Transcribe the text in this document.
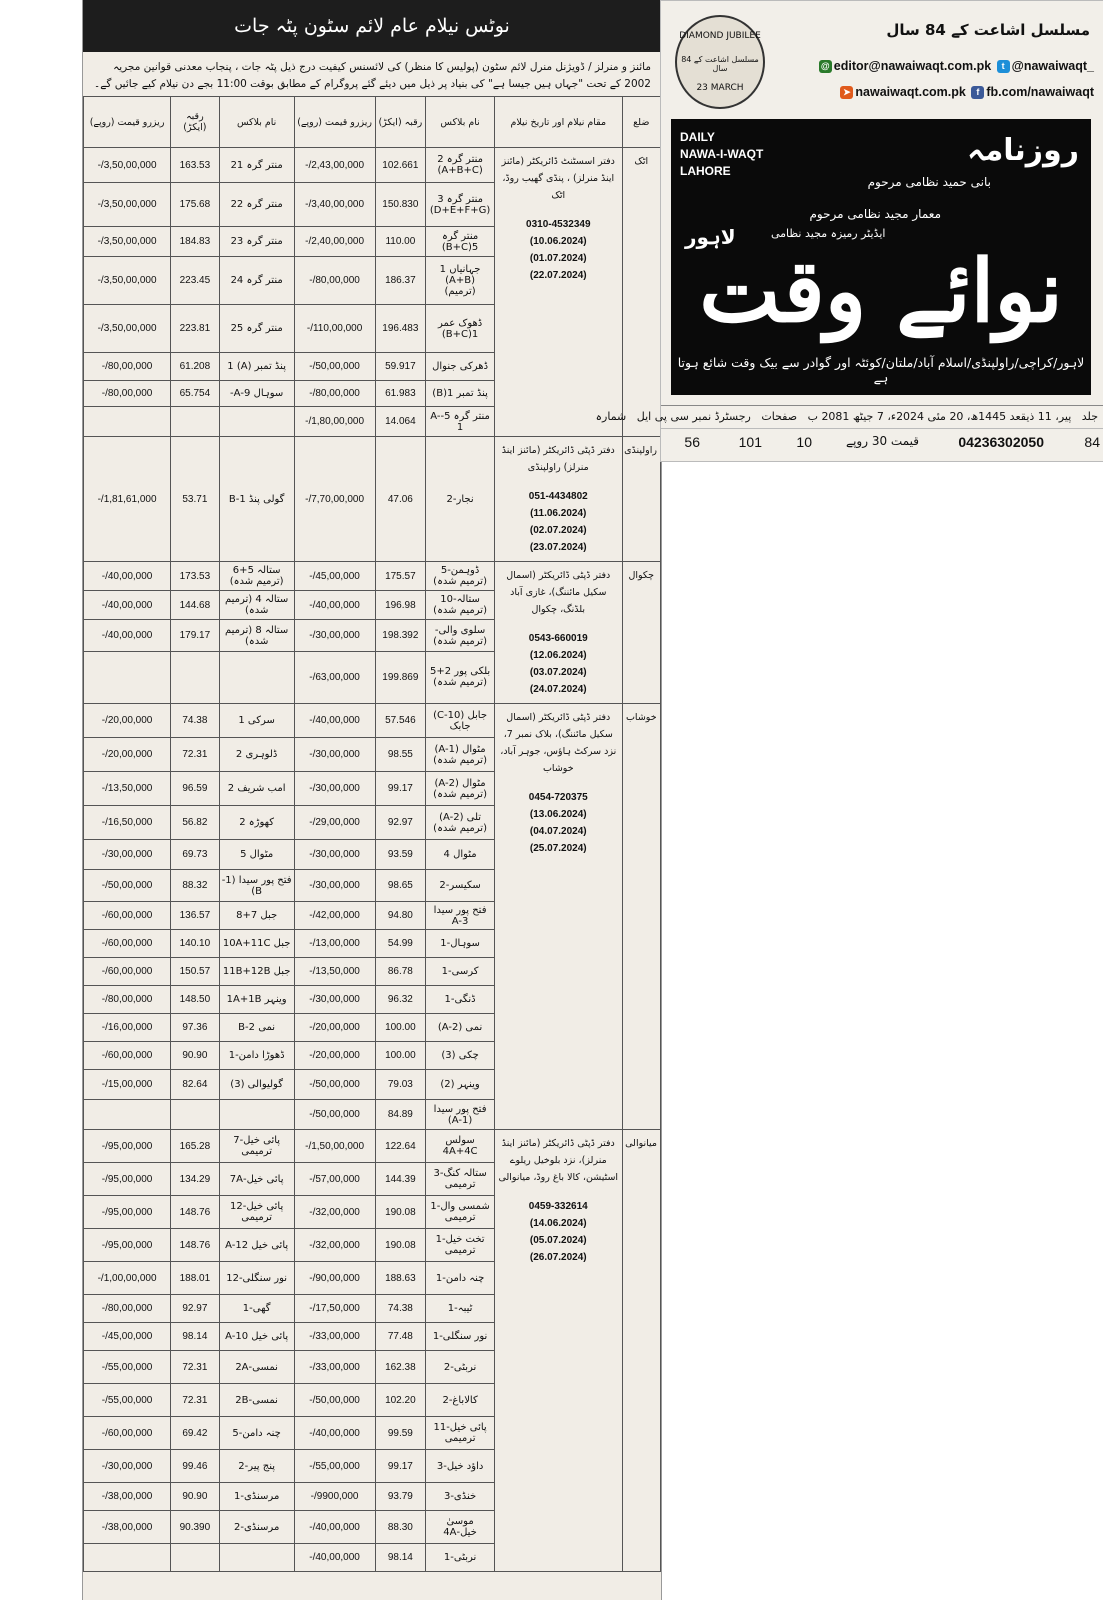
نوٹس نیلام عام لائم سٹون پٹہ جات
مائنز و منرلز / ڈویژنل منرل لائم سٹون (پولیس کا منظر) کی لائسنس کیفیت درج ذیل پٹہ جات ، پنجاب معدنی قوانین مجریہ 2002 کے تحت "جہاں ہیں جیسا ہے" کی بنیاد پر ذیل میں دیئے گئے پروگرام کے مطابق بوقت 11:00 بجے دن نیلام کیے جائیں گے۔
ضلع	مقام نیلام اور تاریخ نیلام	نام بلاکس	رقبہ (ایکڑ)	ریزرو قیمت (روپے)	نام بلاکس	رقبہ (ایکڑ)	ریزرو قیمت (روپے)
اٹک	دفتر اسسٹنٹ ڈائریکٹر (مائنز اینڈ منرلز) ، پنڈی گھیب روڈ، اٹک
0310-4532349
(10.06.2024)
(01.07.2024)
(22.07.2024)	منتر گرہ 2 (A+B+C)	102.661	2,43,00,000/-	منتر گرہ 21	163.53	3,50,00,000/-
		منتر گرہ 3 (D+E+F+G)	150.830	3,40,00,000/-	منتر گرہ 22	175.68	3,50,00,000/-
		منتر گرہ 5(B+C)	110.00	2,40,00,000/-	منتر گرہ 23	184.83	3,50,00,000/-
		جہانیاں 1 (A+B) (ترمیم)	186.37	80,00,000/-	منتر گرہ 24	223.45	3,50,00,000/-
		ڈھوک عمر 1(B+C)	196.483	110,00,000/-	منتر گرہ 25	223.81	3,50,00,000/-
		ڈھرکی جنوال	59.917	50,00,000/-	پنڈ تمبر (A) 1	61.208	80,00,000/-
		پنڈ تمبر 1(B)	61.983	80,00,000/-	سوہال 9-A-	65.754	80,00,000/-
		منتر گرہ 5-A-1	14.064	1,80,00,000/-			
راولپنڈی	دفتر ڈپٹی ڈائریکٹر (مائنز اینڈ منرلز) راولپنڈی
051-4434802
(11.06.2024)
(02.07.2024)
(23.07.2024)	نجار-2	47.06	7,70,00,000/-	گولی پنڈ 1-B	53.71	1,81,61,000/-
چکوال	دفتر ڈپٹی ڈائریکٹر (اسمال سکیل مائننگ)، غازی آباد بلڈنگ، چکوال
0543-660019
(12.06.2024)
(03.07.2024)
(24.07.2024)	ڈوہمن-5 (ترمیم شدہ)	175.57	45,00,000/-	ستالہ 5+6 (ترمیم شدہ)	173.53	40,00,000/-
		ستالہ-10 (ترمیم شدہ)	196.98	40,00,000/-	ستالہ 4 (ترمیم شدہ)	144.68	40,00,000/-
		سلوی والی-(ترمیم شدہ)	198.392	30,00,000/-	ستالہ 8 (ترمیم شدہ)	179.17	40,00,000/-
		بلکی پور 2+5 (ترمیم شدہ)	199.869	63,00,000/-			
خوشاب	دفتر ڈپٹی ڈائریکٹر (اسمال سکیل مائننگ)، بلاک نمبر 7، نزد سرکٹ ہاؤس، جوہر آباد، خوشاب
0454-720375
(13.06.2024)
(04.07.2024)
(25.07.2024)	جابل (10-C) جابک	57.546	40,00,000/-	سرکی 1	74.38	20,00,000/-
		مٹوال (A-1) (ترمیم شدہ)	98.55	30,00,000/-	ڈلوہری 2	72.31	20,00,000/-
		مٹوال (A-2) (ترمیم شدہ)	99.17	30,00,000/-	امب شریف 2	96.59	13,50,000/-
		تلی (A-2) (ترمیم شدہ)	92.97	29,00,000/-	کھوڑہ 2	56.82	16,50,000/-
		مٹوال 4	93.59	30,00,000/-	مٹوال 5	69.73	30,00,000/-
		سکیسر-2	98.65	30,00,000/-	فتح پور سیدا (1-B)	88.32	50,00,000/-
		فتح پور سیدا A-3	94.80	42,00,000/-	جبل 7+8	136.57	60,00,000/-
		سوہال-1	54.99	13,00,000/-	جبل 10A+11C	140.10	60,00,000/-
		کرسی-1	86.78	13,50,000/-	جبل 11B+12B	150.57	60,00,000/-
		ڈنگی-1	96.32	30,00,000/-	وینہر 1A+1B	148.50	80,00,000/-
		نمی (A-2)	100.00	20,00,000/-	نمی B-2	97.36	16,00,000/-
		چکی (3)	100.00	20,00,000/-	ڈھوڑا دامن-1	90.90	60,00,000/-
		وینہر (2)	79.03	50,00,000/-	گولیوالی (3)	82.64	15,00,000/-
		فتح پور سیدا (A-1)	84.89	50,00,000/-			
میانوالی	دفتر ڈپٹی ڈائریکٹر (مائنز اینڈ منرلز)، نزد بلوخیل ریلوے اسٹیشن، کالا باغ روڈ، میانوالی
0459-332614
(14.06.2024)
(05.07.2024)
(26.07.2024)	سولس 4A+4C	122.64	1,50,00,000/-	پائی خیل-7 ترمیمی	165.28	95,00,000/-
		ستالہ کنگ-3 ترمیمی	144.39	57,00,000/-	پائی خیل-7A	134.29	95,00,000/-
		شمسی وال-1 ترمیمی	190.08	32,00,000/-	پائی خیل-12 ترمیمی	148.76	95,00,000/-
		تخت خیل-1 ترمیمی	190.08	32,00,000/-	پائی خیل A-12	148.76	95,00,000/-
		چنہ دامن-1	188.63	90,00,000/-	نور سنگلی-12	188.01	1,00,00,000/-
		ٹیبہ-1	74.38	17,50,000/-	گھی-1	92.97	80,00,000/-
		نور سنگلی-1	77.48	33,00,000/-	پائی خیل A-10	98.14	45,00,000/-
		نربٹی-2	162.38	33,00,000/-	نمسی-2A	72.31	55,00,000/-
		کالاباغ-2	102.20	50,00,000/-	نمسی-2B	72.31	55,00,000/-
		پائی خیل-11 ترمیمی	99.59	40,00,000/-	چنہ دامن-5	69.42	60,00,000/-
		داؤد خیل-3	99.17	55,00,000/-	پنج پیر-2	99.46	30,00,000/-
		خنڈی-3	93.79	9900,000/-	مرسنڈی-1	90.90	38,00,000/-
		موسیٰ خیل-4A	88.30	40,00,000/-	مرسنڈی-2	90.390	38,00,000/-
		نربٹی-1	98.14	40,00,000/-			
DIAMOND JUBILEE
مسلسل اشاعت کے 84 سال
23 MARCH
مسلسل اشاعت کے 84 سال
@ editor@nawaiwaqt.com.pk t @nawaiwaqt_
➤ nawaiwaqt.com.pk f fb.com/nawaiwaqt
DAILY
NAWA-I-WAQT
LAHORE
روزنامہ
بانی حمید نظامی مرحوم
معمار مجید نظامی مرحوم
ایڈیٹر رمیزہ مجید نظامی
لاہور
نوائے وقت
لاہور/کراچی/راولپنڈی/اسلام آباد/ملتان/کوئٹہ اور گوادر سے بیک وقت شائع ہوتا ہے
جلد   پیر، 11 ذیقعد 1445ھ، 20 مئی 2024ء، 7 جیٹھ 2081 ب   صفحات   رجسٹرڈ نمبر سی پی ایل   شمارہ
84
04236302050
قیمت 30 روپے
10
101
56
